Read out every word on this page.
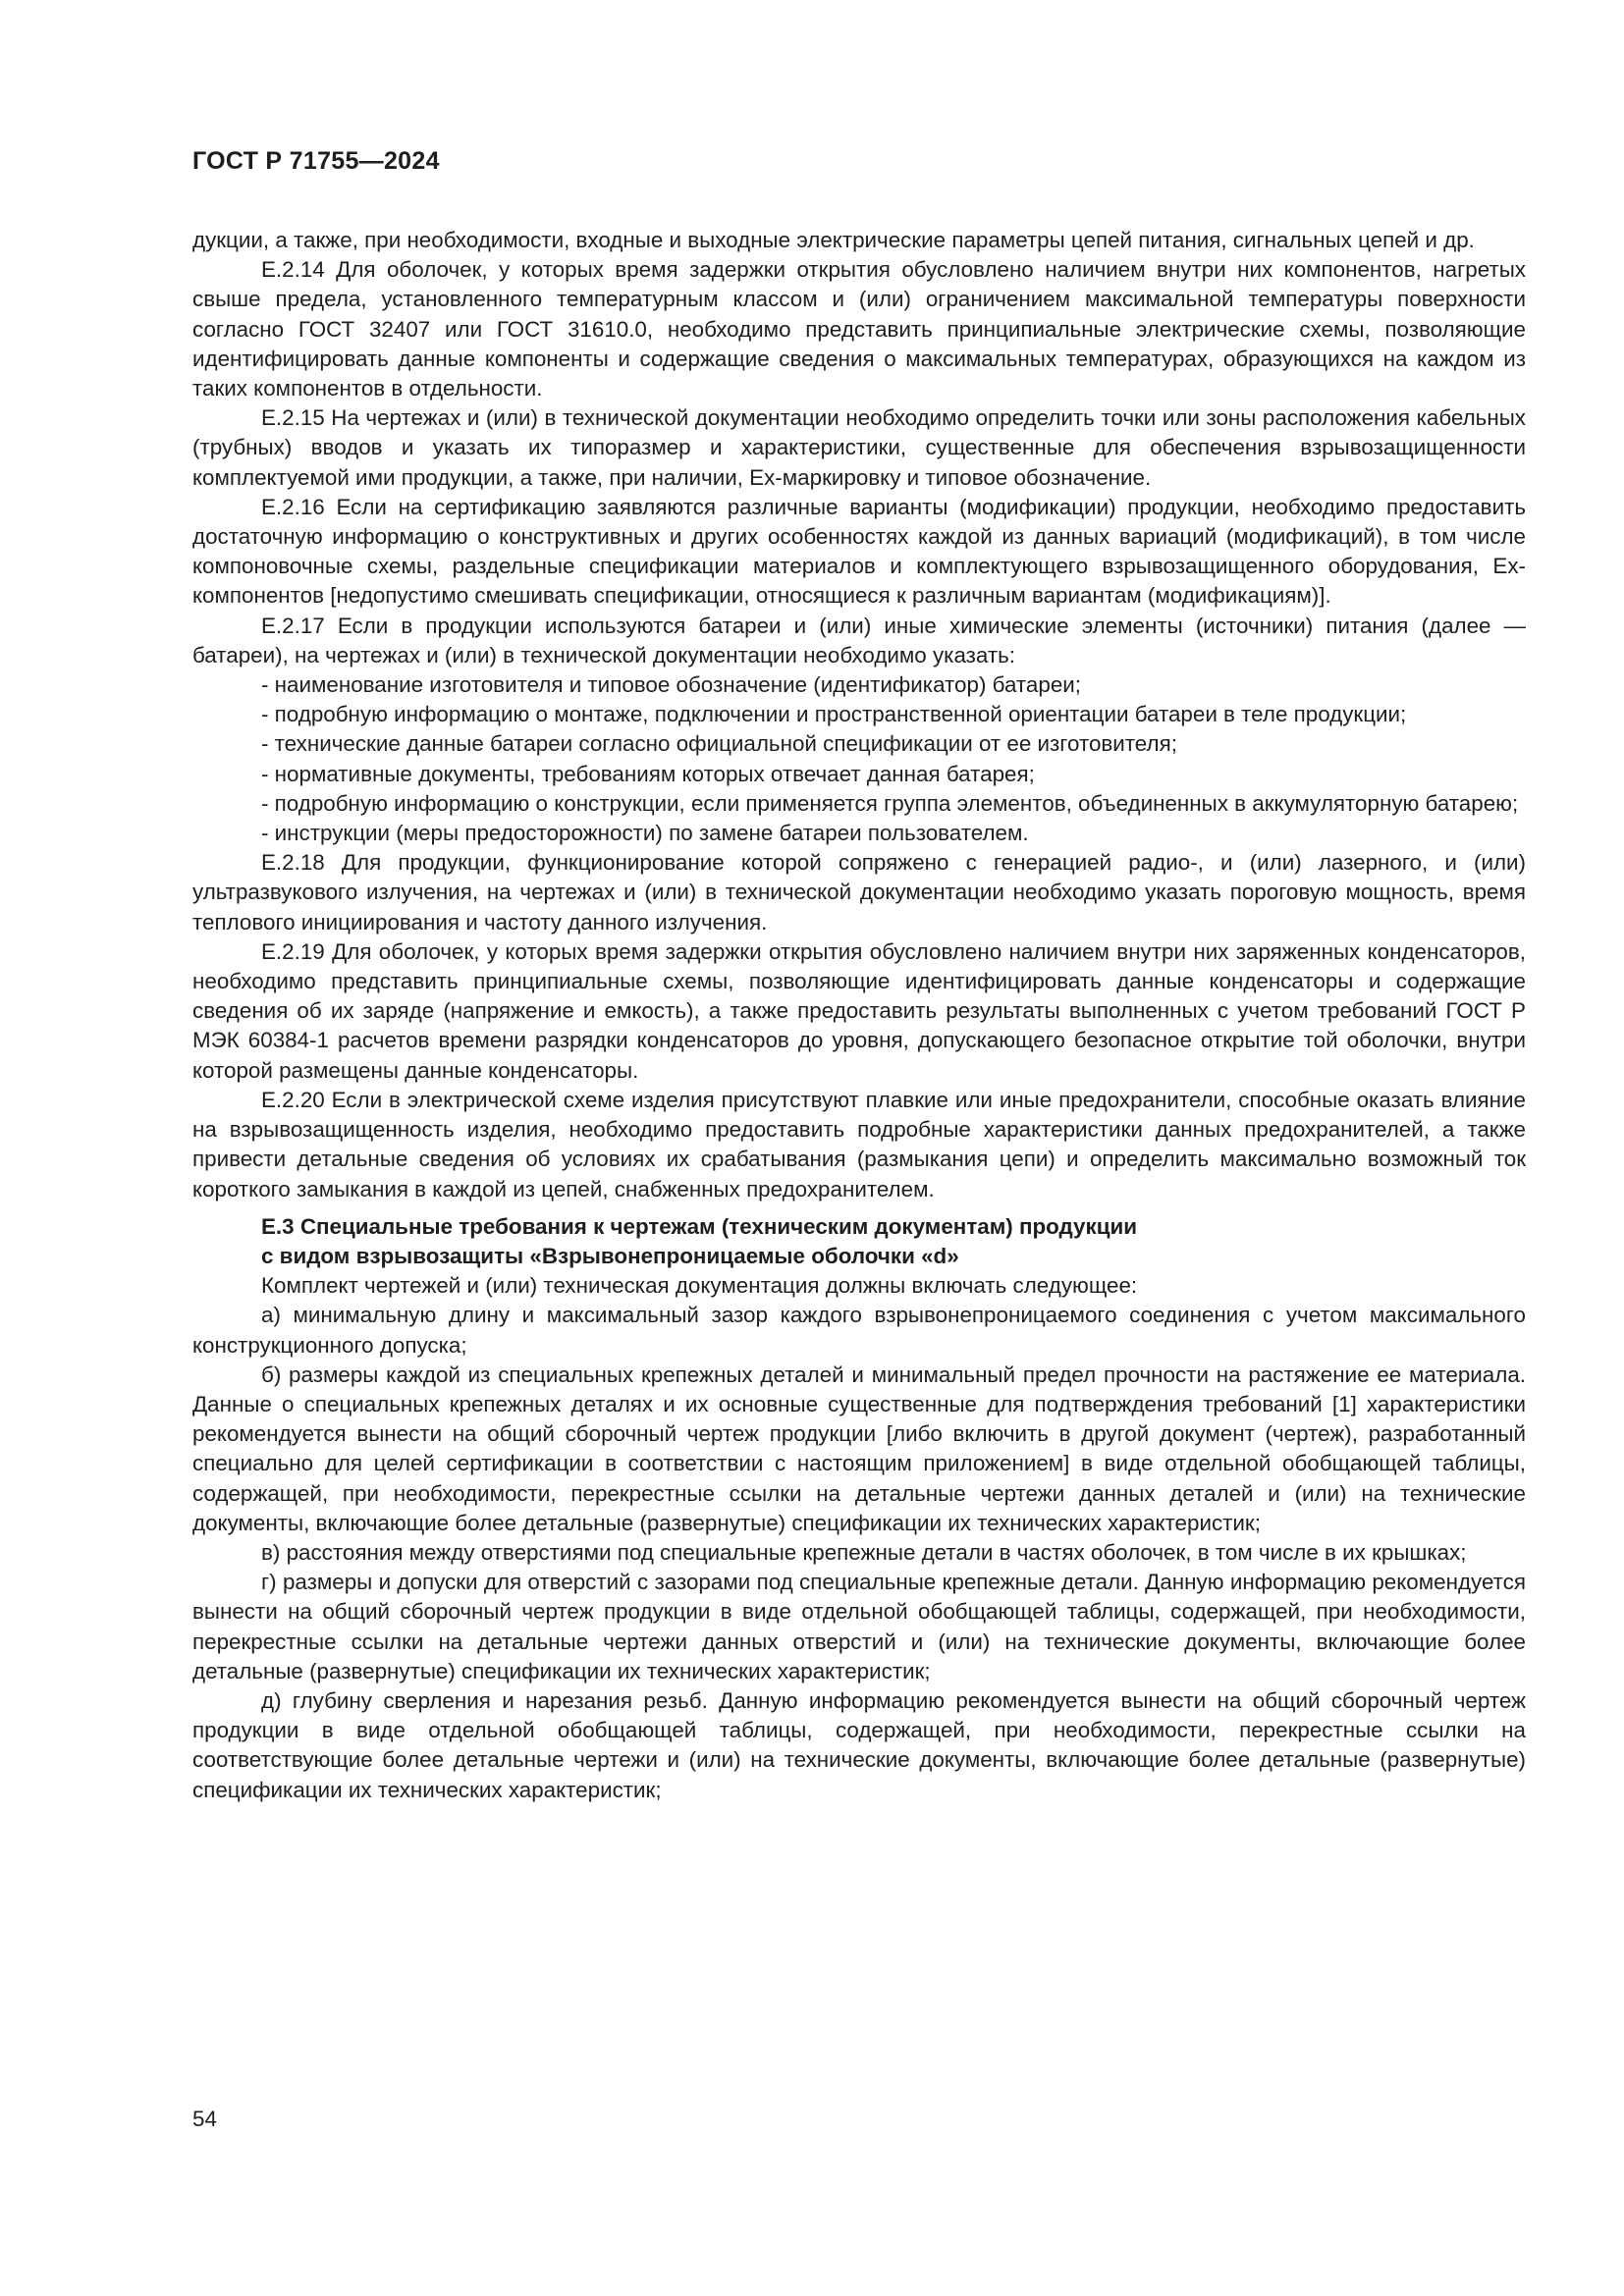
ГОСТ Р 71755—2024

дукции, а также, при необходимости, входные и выходные электрические параметры цепей питания, сигнальных цепей и др.

Е.2.14 Для оболочек, у которых время задержки открытия обусловлено наличием внутри них компонентов, нагретых свыше предела, установленного температурным классом и (или) ограничением максимальной температуры поверхности согласно ГОСТ 32407 или ГОСТ 31610.0, необходимо представить принципиальные электрические схемы, позволяющие идентифицировать данные компоненты и содержащие сведения о максимальных температурах, образующихся на каждом из таких компонентов в отдельности.

Е.2.15 На чертежах и (или) в технической документации необходимо определить точки или зоны расположения кабельных (трубных) вводов и указать их типоразмер и характеристики, существенные для обеспечения взрывозащищенности комплектуемой ими продукции, а также, при наличии, Ex-маркировку и типовое обозначение.

Е.2.16 Если на сертификацию заявляются различные варианты (модификации) продукции, необходимо предоставить достаточную информацию о конструктивных и других особенностях каждой из данных вариаций (модификаций), в том числе компоновочные схемы, раздельные спецификации материалов и комплектующего взрывозащищенного оборудования, Ex-компонентов [недопустимо смешивать спецификации, относящиеся к различным вариантам (модификациям)].

Е.2.17 Если в продукции используются батареи и (или) иные химические элементы (источники) питания (далее — батареи), на чертежах и (или) в технической документации необходимо указать:

- наименование изготовителя и типовое обозначение (идентификатор) батареи;

- подробную информацию о монтаже, подключении и пространственной ориентации батареи в теле продукции;

- технические данные батареи согласно официальной спецификации от ее изготовителя;

- нормативные документы, требованиям которых отвечает данная батарея;

- подробную информацию о конструкции, если применяется группа элементов, объединенных в аккумуляторную батарею;

- инструкции (меры предосторожности) по замене батареи пользователем.

Е.2.18 Для продукции, функционирование которой сопряжено с генерацией радио-, и (или) лазерного, и (или) ультразвукового излучения, на чертежах и (или) в технической документации необходимо указать пороговую мощность, время теплового инициирования и частоту данного излучения.

Е.2.19 Для оболочек, у которых время задержки открытия обусловлено наличием внутри них заряженных конденсаторов, необходимо представить принципиальные схемы, позволяющие идентифицировать данные конденсаторы и содержащие сведения об их заряде (напряжение и емкость), а также предоставить результаты выполненных с учетом требований ГОСТ Р МЭК 60384-1 расчетов времени разрядки конденсаторов до уровня, допускающего безопасное открытие той оболочки, внутри которой размещены данные конденсаторы.

Е.2.20 Если в электрической схеме изделия присутствуют плавкие или иные предохранители, способные оказать влияние на взрывозащищенность изделия, необходимо предоставить подробные характеристики данных предохранителей, а также привести детальные сведения об условиях их срабатывания (размыкания цепи) и определить максимально возможный ток короткого замыкания в каждой из цепей, снабженных предохранителем.

Е.3 Специальные требования к чертежам (техническим документам) продукции
с видом взрывозащиты «Взрывонепроницаемые оболочки «d»

Комплект чертежей и (или) техническая документация должны включать следующее:

а) минимальную длину и максимальный зазор каждого взрывонепроницаемого соединения с учетом максимального конструкционного допуска;

б) размеры каждой из специальных крепежных деталей и минимальный предел прочности на растяжение ее материала. Данные о специальных крепежных деталях и их основные существенные для подтверждения требований [1] характеристики рекомендуется вынести на общий сборочный чертеж продукции [либо включить в другой документ (чертеж), разработанный специально для целей сертификации в соответствии с настоящим приложением] в виде отдельной обобщающей таблицы, содержащей, при необходимости, перекрестные ссылки на детальные чертежи данных деталей и (или) на технические документы, включающие более детальные (развернутые) спецификации их технических характеристик;

в) расстояния между отверстиями под специальные крепежные детали в частях оболочек, в том числе в их крышках;

г) размеры и допуски для отверстий с зазорами под специальные крепежные детали. Данную информацию рекомендуется вынести на общий сборочный чертеж продукции в виде отдельной обобщающей таблицы, содержащей, при необходимости, перекрестные ссылки на детальные чертежи данных отверстий и (или) на технические документы, включающие более детальные (развернутые) спецификации их технических характеристик;

д) глубину сверления и нарезания резьб. Данную информацию рекомендуется вынести на общий сборочный чертеж продукции в виде отдельной обобщающей таблицы, содержащей, при необходимости, перекрестные ссылки на соответствующие более детальные чертежи и (или) на технические документы, включающие более детальные (развернутые) спецификации их технических характеристик;

54
